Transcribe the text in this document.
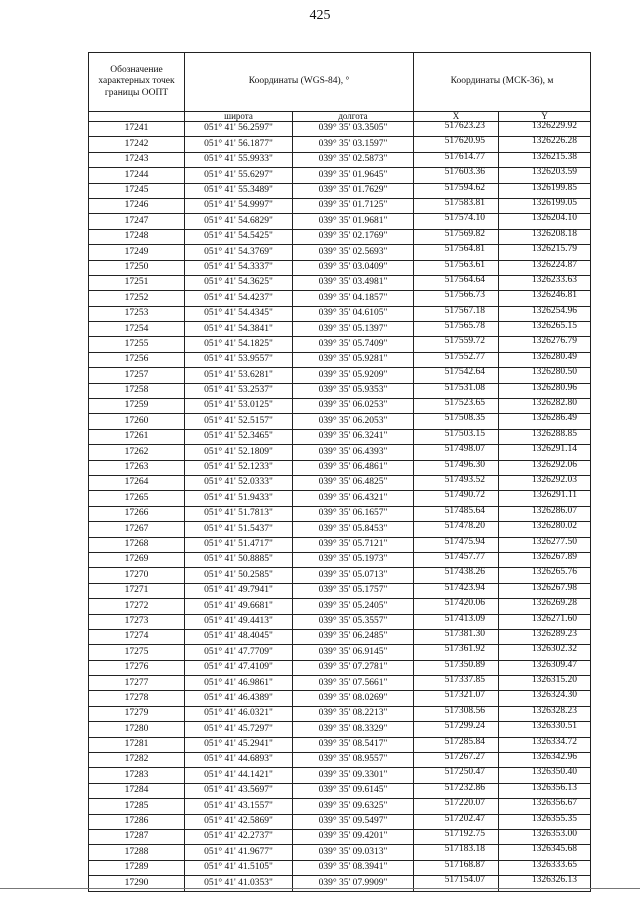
425
Обозначение характерных точек границы ООПТ	Координаты (WGS-84), °		Координаты (МСК-36), м	
	широта	долгота	X	Y
17241	051° 41' 56.2597"	039° 35' 03.3505"	517623.23	1326229.92
17242	051° 41' 56.1877"	039° 35' 03.1597"	517620.95	1326226.28
17243	051° 41' 55.9933"	039° 35' 02.5873"	517614.77	1326215.38
17244	051° 41' 55.6297"	039° 35' 01.9645"	517603.36	1326203.59
17245	051° 41' 55.3489"	039° 35' 01.7629"	517594.62	1326199.85
17246	051° 41' 54.9997"	039° 35' 01.7125"	517583.81	1326199.05
17247	051° 41' 54.6829"	039° 35' 01.9681"	517574.10	1326204.10
17248	051° 41' 54.5425"	039° 35' 02.1769"	517569.82	1326208.18
17249	051° 41' 54.3769"	039° 35' 02.5693"	517564.81	1326215.79
17250	051° 41' 54.3337"	039° 35' 03.0409"	517563.61	1326224.87
17251	051° 41' 54.3625"	039° 35' 03.4981"	517564.64	1326233.63
17252	051° 41' 54.4237"	039° 35' 04.1857"	517566.73	1326246.81
17253	051° 41' 54.4345"	039° 35' 04.6105"	517567.18	1326254.96
17254	051° 41' 54.3841"	039° 35' 05.1397"	517565.78	1326265.15
17255	051° 41' 54.1825"	039° 35' 05.7409"	517559.72	1326276.79
17256	051° 41' 53.9557"	039° 35' 05.9281"	517552.77	1326280.49
17257	051° 41' 53.6281"	039° 35' 05.9209"	517542.64	1326280.50
17258	051° 41' 53.2537"	039° 35' 05.9353"	517531.08	1326280.96
17259	051° 41' 53.0125"	039° 35' 06.0253"	517523.65	1326282.80
17260	051° 41' 52.5157"	039° 35' 06.2053"	517508.35	1326286.49
17261	051° 41' 52.3465"	039° 35' 06.3241"	517503.15	1326288.85
17262	051° 41' 52.1809"	039° 35' 06.4393"	517498.07	1326291.14
17263	051° 41' 52.1233"	039° 35' 06.4861"	517496.30	1326292.06
17264	051° 41' 52.0333"	039° 35' 06.4825"	517493.52	1326292.03
17265	051° 41' 51.9433"	039° 35' 06.4321"	517490.72	1326291.11
17266	051° 41' 51.7813"	039° 35' 06.1657"	517485.64	1326286.07
17267	051° 41' 51.5437"	039° 35' 05.8453"	517478.20	1326280.02
17268	051° 41' 51.4717"	039° 35' 05.7121"	517475.94	1326277.50
17269	051° 41' 50.8885"	039° 35' 05.1973"	517457.77	1326267.89
17270	051° 41' 50.2585"	039° 35' 05.0713"	517438.26	1326265.76
17271	051° 41' 49.7941"	039° 35' 05.1757"	517423.94	1326267.98
17272	051° 41' 49.6681"	039° 35' 05.2405"	517420.06	1326269.28
17273	051° 41' 49.4413"	039° 35' 05.3557"	517413.09	1326271.60
17274	051° 41' 48.4045"	039° 35' 06.2485"	517381.30	1326289.23
17275	051° 41' 47.7709"	039° 35' 06.9145"	517361.92	1326302.32
17276	051° 41' 47.4109"	039° 35' 07.2781"	517350.89	1326309.47
17277	051° 41' 46.9861"	039° 35' 07.5661"	517337.85	1326315.20
17278	051° 41' 46.4389"	039° 35' 08.0269"	517321.07	1326324.30
17279	051° 41' 46.0321"	039° 35' 08.2213"	517308.56	1326328.23
17280	051° 41' 45.7297"	039° 35' 08.3329"	517299.24	1326330.51
17281	051° 41' 45.2941"	039° 35' 08.5417"	517285.84	1326334.72
17282	051° 41' 44.6893"	039° 35' 08.9557"	517267.27	1326342.96
17283	051° 41' 44.1421"	039° 35' 09.3301"	517250.47	1326350.40
17284	051° 41' 43.5697"	039° 35' 09.6145"	517232.86	1326356.13
17285	051° 41' 43.1557"	039° 35' 09.6325"	517220.07	1326356.67
17286	051° 41' 42.5869"	039° 35' 09.5497"	517202.47	1326355.35
17287	051° 41' 42.2737"	039° 35' 09.4201"	517192.75	1326353.00
17288	051° 41' 41.9677"	039° 35' 09.0313"	517183.18	1326345.68
17289	051° 41' 41.5105"	039° 35' 08.3941"	517168.87	1326333.65
17290	051° 41' 41.0353"	039° 35' 07.9909"	517154.07	1326326.13
